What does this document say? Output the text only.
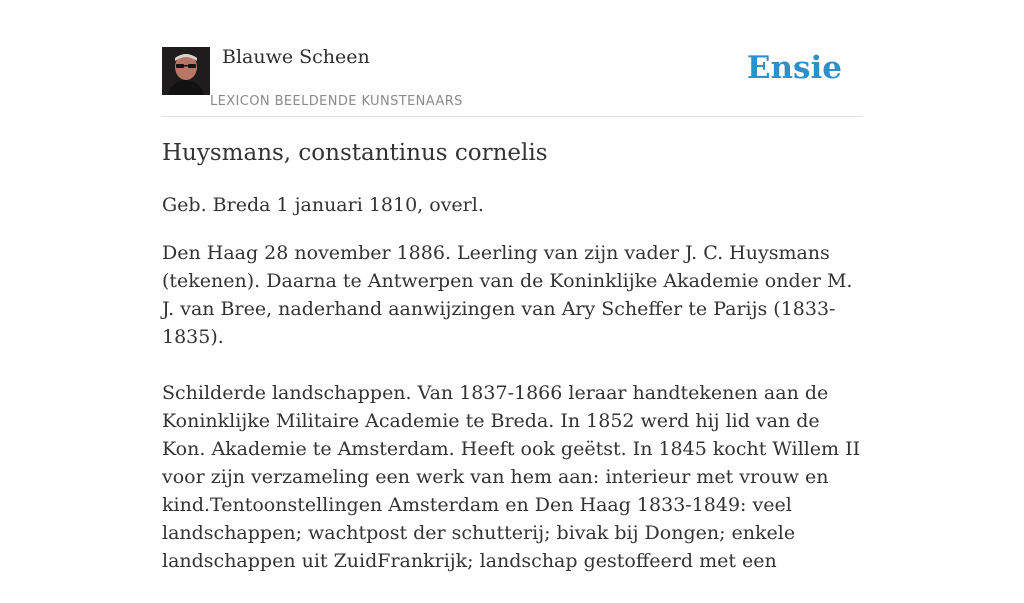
Blauwe Scheen
LEXICON BEELDENDE KUNSTENAARS
Ensie
Huysmans, constantinus cornelis
Geb. Breda 1 januari 1810, overl.

Den Haag 28 november 1886. Leerling van zijn vader J. C. Huysmans (tekenen). Daarna te Antwerpen van de Koninklijke Akademie onder M. J. van Bree, naderhand aanwijzingen van Ary Scheffer te Parijs (1833-1835).

Schilderde landschappen. Van 1837-1866 leraar handtekenen aan de Koninklijke Militaire Academie te Breda. In 1852 werd hij lid van de Kon. Akademie te Amsterdam. Heeft ook geëtst. In 1845 kocht Willem II voor zijn verzameling een werk van hem aan: interieur met vrouw en kind.Tentoonstellingen Amsterdam en Den Haag 1833-1849: veel landschappen; wachtpost der schutterij; bivak bij Dongen; enkele landschappen uit ZuidFrankrijk; landschap gestoffeerd met een
